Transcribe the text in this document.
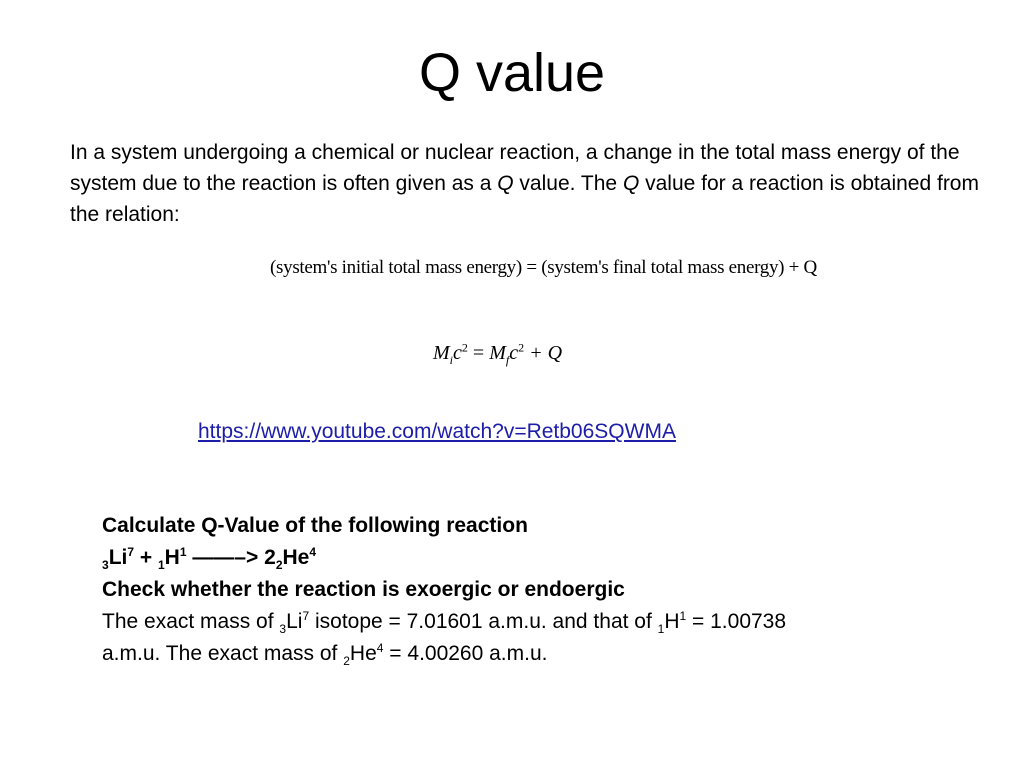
Q value
In a system undergoing a chemical or nuclear reaction, a change in the total mass energy of the system due to the reaction is often given as a Q value. The Q value for a reaction is obtained from the relation:
(system's initial total mass energy) = (system's final total mass energy) + Q
$M_ic^2 = M_fc^2 + Q$
https://www.youtube.com/watch?v=Retb06SQWMA
Calculate Q-Value of the following reaction
$_3Li^7 + _1H^1$ ——–> $2_2He^4$
Check whether the reaction is exoergic or endoergic
The exact mass of $_3Li^7$ isotope = 7.01601 a.m.u. and that of $_1H^1 = 1.00738$
a.m.u. The exact mass of $_2He^4 = 4.00260$ a.m.u.
